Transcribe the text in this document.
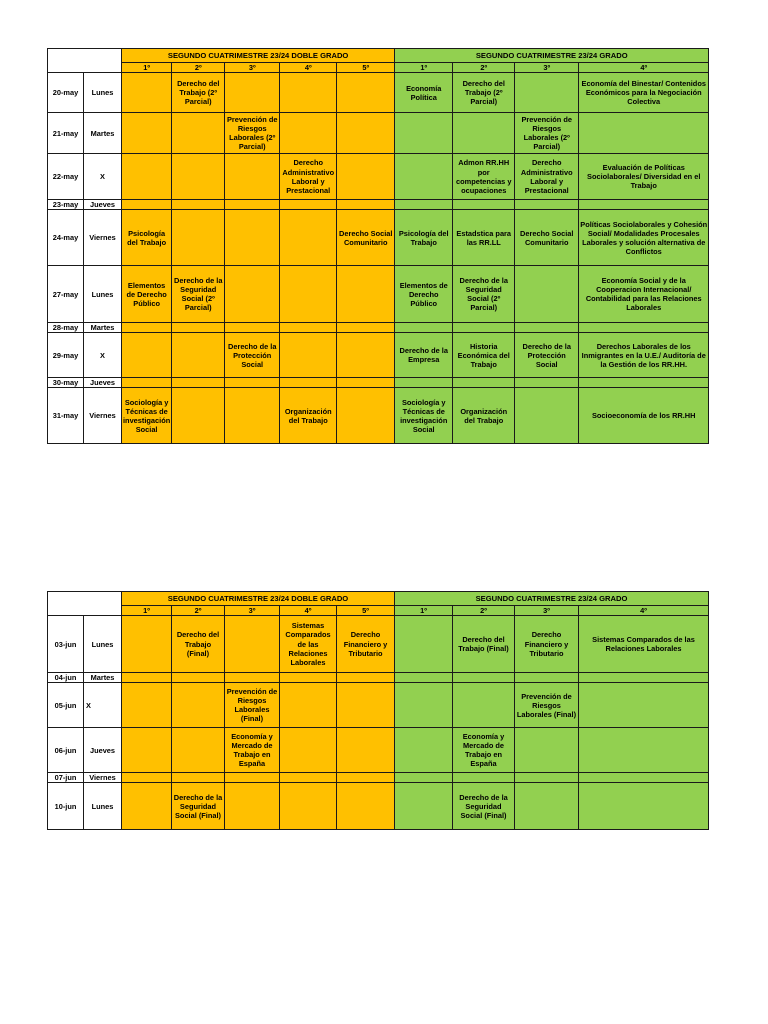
		SEGUNDO CUATRIMESTRE 23/24 DOBLE GRADO					SEGUNDO CUATRIMESTRE 23/24 GRADO			
		1º	2º	3º	4º	5º	1º	2º	3º	4º
20-may	Lunes		Derecho del Trabajo (2º Parcial)				Economía Política	Derecho del Trabajo (2º Parcial)		Economía del Binestar/ Contenidos Económicos para la Negociación Colectiva
21-may	Martes			Prevención de Riesgos Laborales (2º Parcial)					Prevención de Riesgos Laborales (2º Parcial)	
22-may	X				Derecho Administrativo Laboral y Prestacional			Admon RR.HH por competencias y ocupaciones	Derecho Administrativo Laboral y Prestacional	Evaluación de Políticas Sociolaborales/ Diversidad en el Trabajo
23-may	Jueves									
24-may	Viernes	Psicología del Trabajo				Derecho Social Comunitario	Psicología del Trabajo	Estadstica para las RR.LL	Derecho Social Comunitario	Políticas Sociolaborales y Cohesión Social/ Modalidades Procesales Laborales y solución alternativa de Conflictos
27-may	Lunes	Elementos de Derecho Público	Derecho de la Seguridad Social (2º Parcial)				Elementos de Derecho Público	Derecho de la Seguridad Social (2º Parcial)		Economía Social y de la Cooperacion Internacional/ Contabilidad para las Relaciones Laborales
28-may	Martes									
29-may	X			Derecho de la Protección Social			Derecho de la Empresa	Historia Económica del Trabajo	Derecho de la Protección Social	Derechos Laborales de los Inmigrantes en la U.E./ Auditoría de la Gestión de los RR.HH.
30-may	Jueves									
31-may	Viernes	Sociología y Técnicas de investigación Social			Organización del Trabajo		Sociología y Técnicas de investigación Social	Organización del Trabajo		Socioeconomía de los RR.HH
		SEGUNDO CUATRIMESTRE 23/24 DOBLE GRADO					SEGUNDO CUATRIMESTRE 23/24 GRADO			
		1º	2º	3º	4º	5º	1º	2º	3º	4º
03-jun	Lunes		Derecho del Trabajo (Final)		Sistemas Comparados de las Relaciones Laborales	Derecho Financiero y Tributario		Derecho del Trabajo (Final)	Derecho Financiero y Tributario	Sistemas Comparados de las Relaciones Laborales
04-jun	Martes									
05-jun	X			Prevención de Riesgos Laborales (Final)					Prevención de Riesgos Laborales (Final)	
06-jun	Jueves			Economía y Mercado de Trabajo en España				Economía y Mercado de Trabajo en España		
07-jun	Viernes									
10-jun	Lunes		Derecho de la Seguridad Social (Final)					Derecho de la Seguridad Social (Final)		
